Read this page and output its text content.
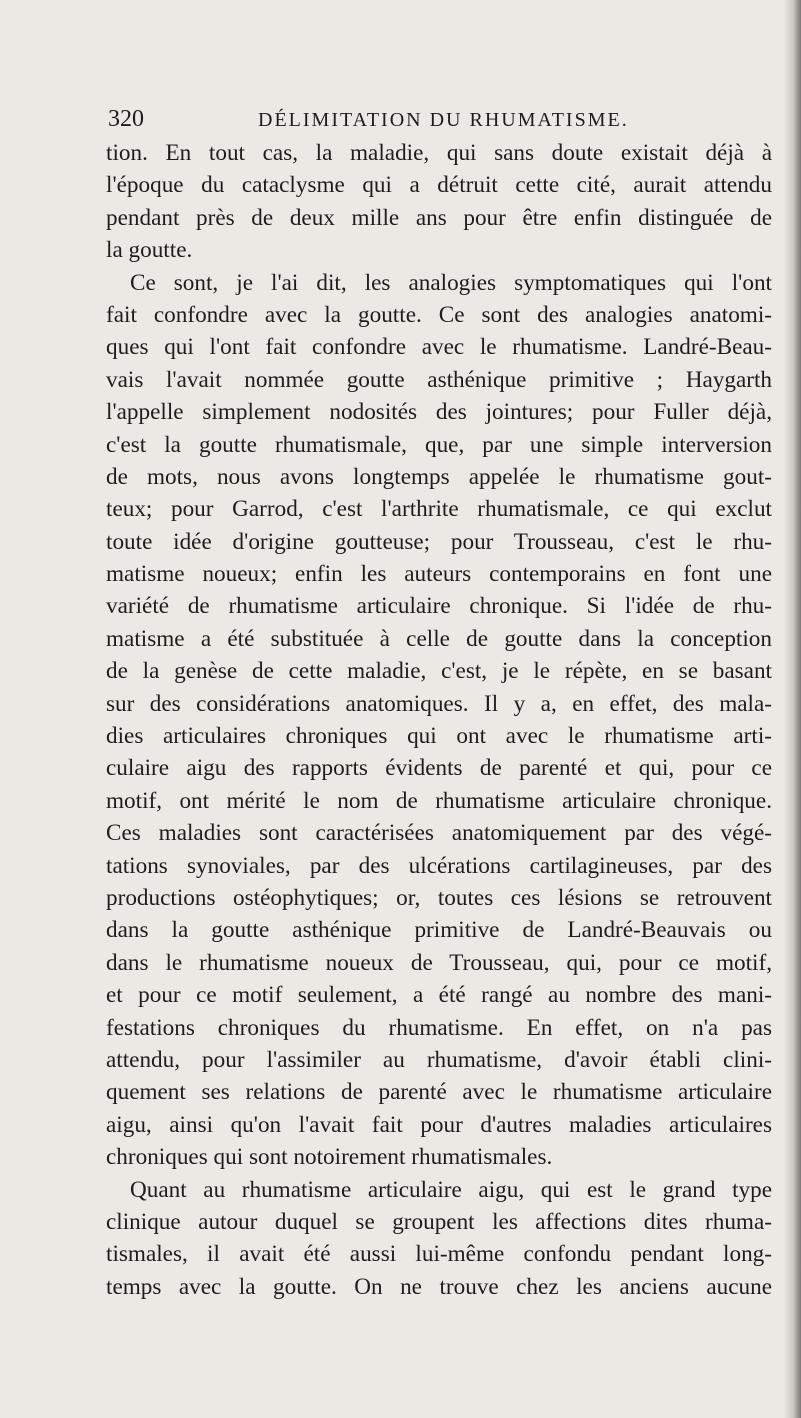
320	DÉLIMITATION DU RHUMATISME.
tion. En tout cas, la maladie, qui sans doute existait déjà à
l'époque du cataclysme qui a détruit cette cité, aurait attendu
pendant près de deux mille ans pour être enfin distinguée de
la goutte.
Ce sont, je l'ai dit, les analogies symptomatiques qui l'ont
fait confondre avec la goutte. Ce sont des analogies anatomi-
ques qui l'ont fait confondre avec le rhumatisme. Landré-Beau-
vais l'avait nommée goutte asthénique primitive ; Haygarth
l'appelle simplement nodosités des jointures; pour Fuller déjà,
c'est la goutte rhumatismale, que, par une simple interversion
de mots, nous avons longtemps appelée le rhumatisme gout-
teux; pour Garrod, c'est l'arthrite rhumatismale, ce qui exclut
toute idée d'origine goutteuse; pour Trousseau, c'est le rhu-
matisme noueux; enfin les auteurs contemporains en font une
variété de rhumatisme articulaire chronique. Si l'idée de rhu-
matisme a été substituée à celle de goutte dans la conception
de la genèse de cette maladie, c'est, je le répète, en se basant
sur des considérations anatomiques. Il y a, en effet, des mala-
dies articulaires chroniques qui ont avec le rhumatisme arti-
culaire aigu des rapports évidents de parenté et qui, pour ce
motif, ont mérité le nom de rhumatisme articulaire chronique.
Ces maladies sont caractérisées anatomiquement par des végé-
tations synoviales, par des ulcérations cartilagineuses, par des
productions ostéophytiques; or, toutes ces lésions se retrouvent
dans la goutte asthénique primitive de Landré-Beauvais ou
dans le rhumatisme noueux de Trousseau, qui, pour ce motif,
et pour ce motif seulement, a été rangé au nombre des mani-
festations chroniques du rhumatisme. En effet, on n'a pas
attendu, pour l'assimiler au rhumatisme, d'avoir établi clini-
quement ses relations de parenté avec le rhumatisme articulaire
aigu, ainsi qu'on l'avait fait pour d'autres maladies articulaires
chroniques qui sont notoirement rhumatismales.
Quant au rhumatisme articulaire aigu, qui est le grand type
clinique autour duquel se groupent les affections dites rhuma-
tismales, il avait été aussi lui-même confondu pendant long-
temps avec la goutte. On ne trouve chez les anciens aucune
